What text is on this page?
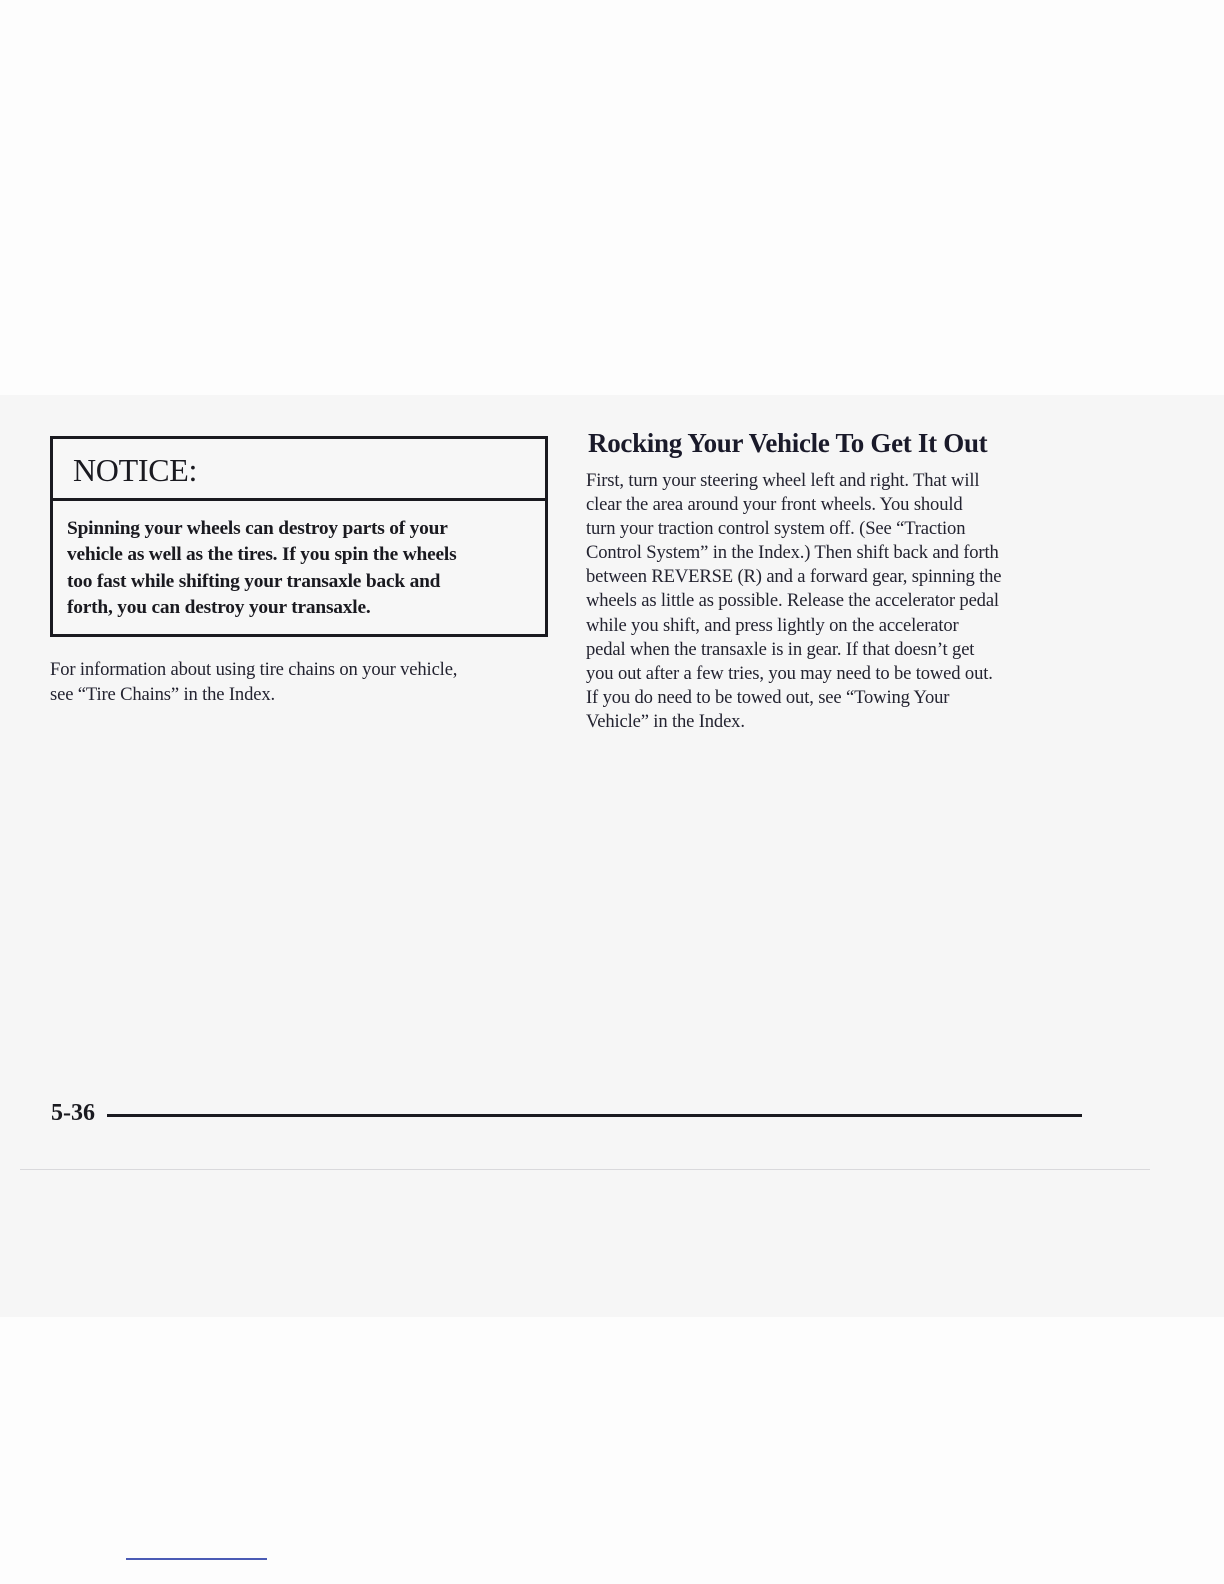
NOTICE:

Spinning your wheels can destroy parts of your
vehicle as well as the tires. If you spin the wheels
too fast while shifting your transaxle back and
forth, you can destroy your transaxle.

For information about using tire chains on your vehicle,
see “Tire Chains” in the Index.

Rocking Your Vehicle To Get It Out

First, turn your steering wheel left and right. That will
clear the area around your front wheels. You should
turn your traction control system off. (See “Traction
Control System” in the Index.) Then shift back and forth
between REVERSE (R) and a forward gear, spinning the
wheels as little as possible. Release the accelerator pedal
while you shift, and press lightly on the accelerator
pedal when the transaxle is in gear. If that doesn’t get
you out after a few tries, you may need to be towed out.
If you do need to be towed out, see “Towing Your
Vehicle” in the Index.

5-36
